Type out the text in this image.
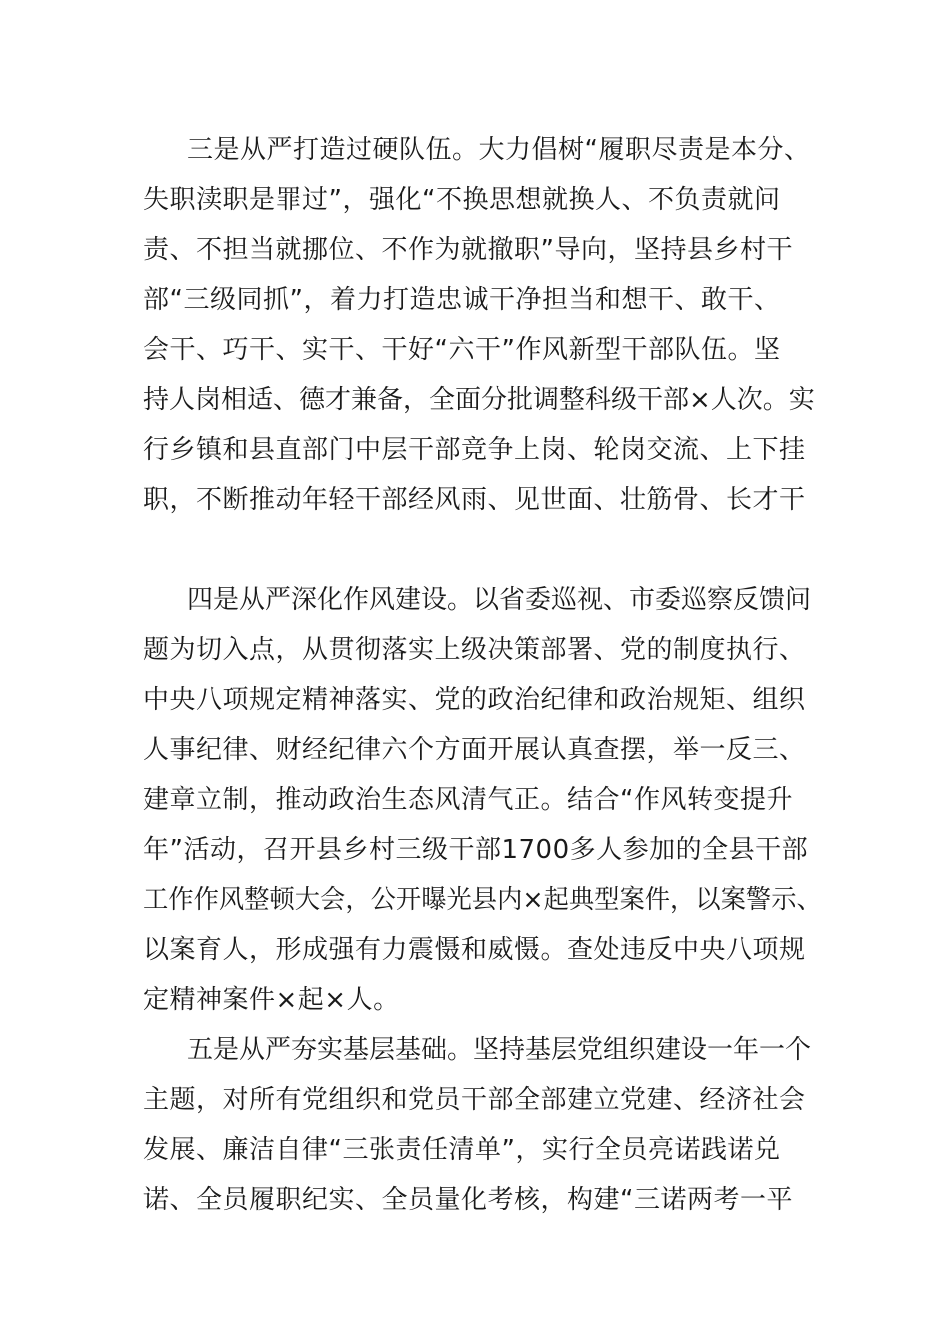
三是从严打造过硬队伍。大力倡树“履职尽责是本分、
失职渎职是罪过”，强化“不换思想就换人、不负责就问
责、不担当就挪位、不作为就撤职”导向，坚持县乡村干
部“三级同抓”，着力打造忠诚干净担当和想干、敢干、
会干、巧干、实干、干好“六干”作风新型干部队伍。坚
持人岗相适、德才兼备，全面分批调整科级干部×人次。实
行乡镇和县直部门中层干部竞争上岗、轮岗交流、上下挂
职，不断推动年轻干部经风雨、见世面、壮筋骨、长才干
四是从严深化作风建设。以省委巡视、市委巡察反馈问
题为切入点，从贯彻落实上级决策部署、党的制度执行、
中央八项规定精神落实、党的政治纪律和政治规矩、组织
人事纪律、财经纪律六个方面开展认真查摆，举一反三、
建章立制，推动政治生态风清气正。结合“作风转变提升
年”活动，召开县乡村三级干部1700多人参加的全县干部
工作作风整顿大会，公开曝光县内×起典型案件，以案警示、
以案育人，形成强有力震慑和威慑。查处违反中央八项规
定精神案件×起×人。
五是从严夯实基层基础。坚持基层党组织建设一年一个
主题，对所有党组织和党员干部全部建立党建、经济社会
发展、廉洁自律“三张责任清单”，实行全员亮诺践诺兑
诺、全员履职纪实、全员量化考核，构建“三诺两考一平
